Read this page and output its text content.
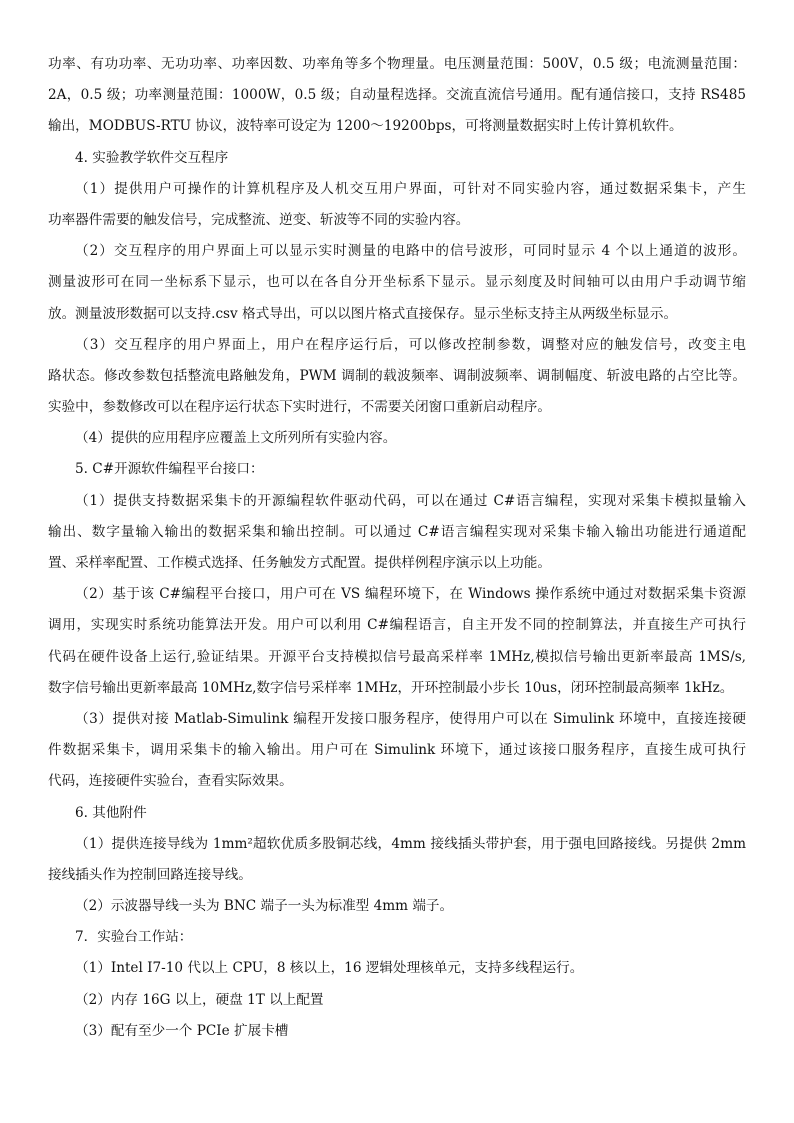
功率、有功功率、无功功率、功率因数、功率角等多个物理量。电压测量范围：500V，0.5 级；电流测量范围：
2A，0.5 级；功率测量范围：1000W，0.5 级；自动量程选择。交流直流信号通用。配有通信接口，支持 RS485
输出，MODBUS-RTU 协议，波特率可设定为 1200～19200bps，可将测量数据实时上传计算机软件。
4. 实验教学软件交互程序
（1）提供用户可操作的计算机程序及人机交互用户界面，可针对不同实验内容，通过数据采集卡，产生
功率器件需要的触发信号，完成整流、逆变、斩波等不同的实验内容。
（2）交互程序的用户界面上可以显示实时测量的电路中的信号波形，可同时显示 4 个以上通道的波形。
测量波形可在同一坐标系下显示，也可以在各自分开坐标系下显示。显示刻度及时间轴可以由用户手动调节缩
放。测量波形数据可以支持.csv 格式导出，可以以图片格式直接保存。显示坐标支持主从两级坐标显示。
（3）交互程序的用户界面上，用户在程序运行后，可以修改控制参数，调整对应的触发信号，改变主电
路状态。修改参数包括整流电路触发角，PWM 调制的载波频率、调制波频率、调制幅度、斩波电路的占空比等。
实验中，参数修改可以在程序运行状态下实时进行，不需要关闭窗口重新启动程序。
（4）提供的应用程序应覆盖上文所列所有实验内容。
5. C#开源软件编程平台接口：
（1）提供支持数据采集卡的开源编程软件驱动代码，可以在通过 C#语言编程，实现对采集卡模拟量输入
输出、数字量输入输出的数据采集和输出控制。可以通过 C#语言编程实现对采集卡输入输出功能进行通道配
置、采样率配置、工作模式选择、任务触发方式配置。提供样例程序演示以上功能。
（2）基于该 C#编程平台接口，用户可在 VS 编程环境下，在 Windows 操作系统中通过对数据采集卡资源
调用，实现实时系统功能算法开发。用户可以利用 C#编程语言，自主开发不同的控制算法，并直接生产可执行
代码在硬件设备上运行,验证结果。开源平台支持模拟信号最高采样率 1MHz,模拟信号输出更新率最高 1MS/s,
数字信号输出更新率最高 10MHz,数字信号采样率 1MHz，开环控制最小步长 10us，闭环控制最高频率 1kHz。
（3）提供对接 Matlab-Simulink 编程开发接口服务程序，使得用户可以在 Simulink 环境中，直接连接硬
件数据采集卡，调用采集卡的输入输出。用户可在 Simulink 环境下，通过该接口服务程序，直接生成可执行
代码，连接硬件实验台，查看实际效果。
6. 其他附件
（1）提供连接导线为 1mm²超软优质多股铜芯线，4mm 接线插头带护套，用于强电回路接线。另提供 2mm
接线插头作为控制回路连接导线。
（2）示波器导线一头为 BNC 端子一头为标准型 4mm 端子。
7．实验台工作站：
（1）Intel I7-10 代以上 CPU，8 核以上，16 逻辑处理核单元，支持多线程运行。
（2）内存 16G 以上，硬盘 1T 以上配置
（3）配有至少一个 PCIe 扩展卡槽
